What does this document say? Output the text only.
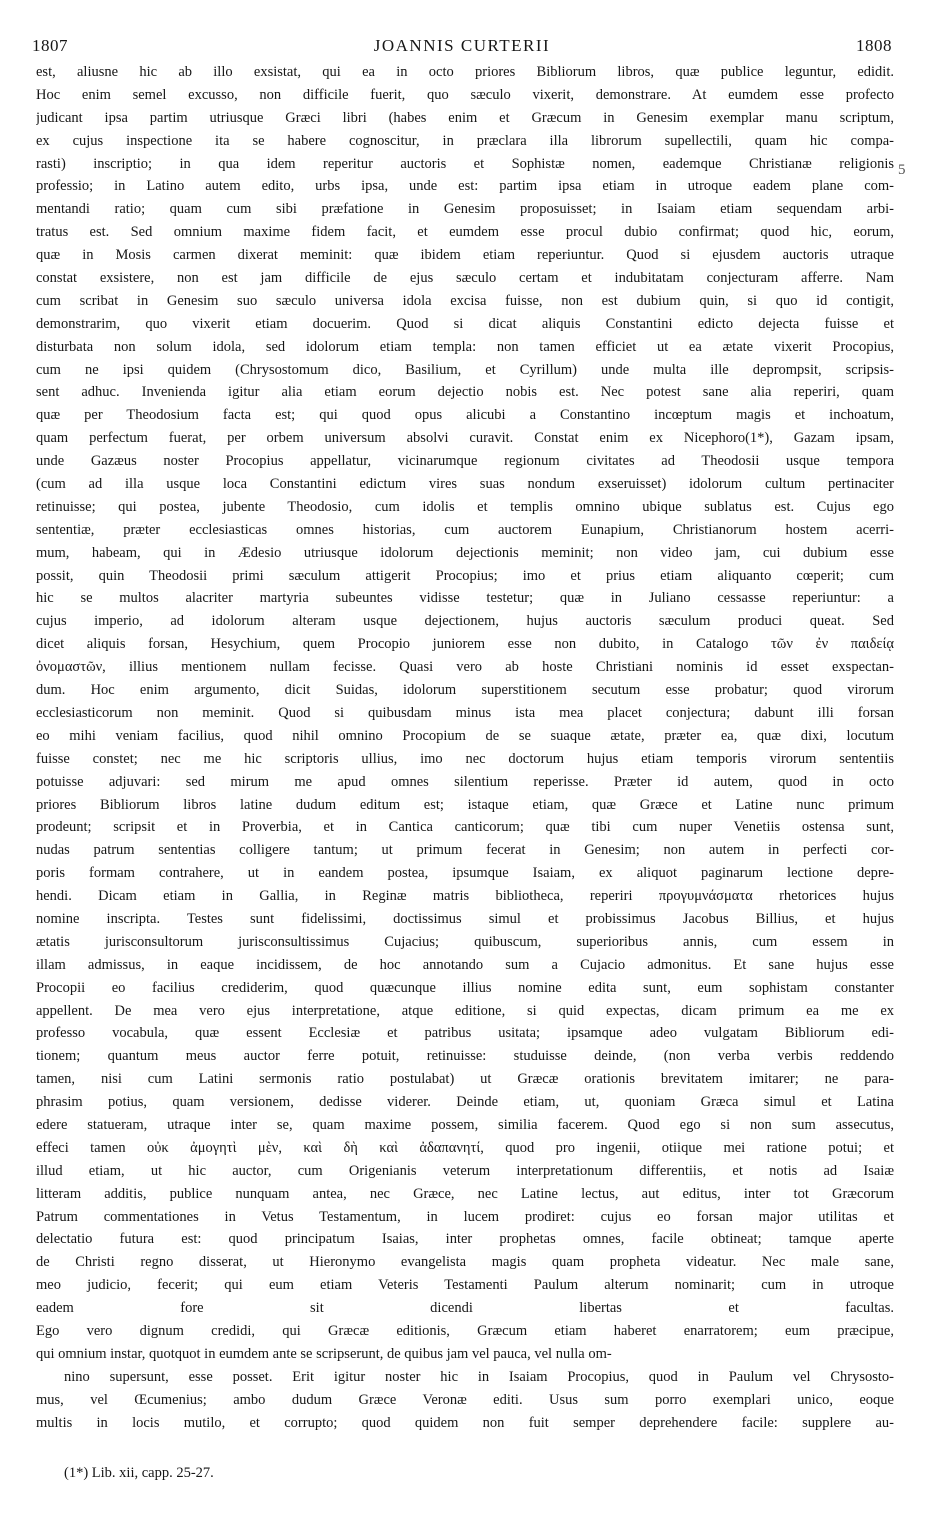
1807	JOANNIS CURTERII	1808
5
est, aliusne hic ab illo exsistat, qui ea in octo priores Bibliorum libros, quæ publice leguntur, edidit.
Hoc enim semel excusso, non difficile fuerit, quo sæculo vixerit, demonstrare. At eumdem esse profecto
judicant ipsa partim utriusque Græci libri (habes enim et Græcum in Genesim exemplar manu scriptum,
ex cujus inspectione ita se habere cognoscitur, in præclara illa librorum supellectili, quam hic compa-
rasti) inscriptio; in qua idem reperitur auctoris et Sophistæ nomen, eademque Christianæ religionis
professio; in Latino autem edito, urbs ipsa, unde est: partim ipsa etiam in utroque eadem plane com-
mentandi ratio; quam cum sibi præfatione in Genesim proposuisset; in Isaiam etiam sequendam arbi-
tratus est. Sed omnium maxime fidem facit, et eumdem esse procul dubio confirmat; quod hic, eorum,
quæ in Mosis carmen dixerat meminit: quæ ibidem etiam reperiuntur. Quod si ejusdem auctoris utraque
constat exsistere, non est jam difficile de ejus sæculo certam et indubitatam conjecturam afferre. Nam
cum scribat in Genesim suo sæculo universa idola excisa fuisse, non est dubium quin, si quo id contigit,
demonstrarim, quo vixerit etiam docuerim. Quod si dicat aliquis Constantini edicto dejecta fuisse et
disturbata non solum idola, sed idolorum etiam templa: non tamen efficiet ut ea ætate vixerit Procopius,
cum ne ipsi quidem (Chrysostomum dico, Basilium, et Cyrillum) unde multa ille deprompsit, scripsis-
sent adhuc. Invenienda igitur alia etiam eorum dejectio nobis est. Nec potest sane alia reperiri, quam
quæ per Theodosium facta est; qui quod opus alicubi a Constantino incœptum magis et inchoatum,
quam perfectum fuerat, per orbem universum absolvi curavit. Constat enim ex Nicephoro(1*), Gazam ipsam,
unde Gazæus noster Procopius appellatur, vicinarumque regionum civitates ad Theodosii usque tempora
(cum ad illa usque loca Constantini edictum vires suas nondum exseruisset) idolorum cultum pertinaciter
retinuisse; qui postea, jubente Theodosio, cum idolis et templis omnino ubique sublatus est. Cujus ego
sententiæ, præter ecclesiasticas omnes historias, cum auctorem Eunapium, Christianorum hostem acerri-
mum, habeam, qui in Ædesio utriusque idolorum dejectionis meminit; non video jam, cui dubium esse
possit, quin Theodosii primi sæculum attigerit Procopius; imo et prius etiam aliquanto cœperit; cum
hic se multos alacriter martyria subeuntes vidisse testetur; quæ in Juliano cessasse reperiuntur: a
cujus imperio, ad idolorum alteram usque dejectionem, hujus auctoris sæculum produci queat. Sed
dicet aliquis forsan, Hesychium, quem Procopio juniorem esse non dubito, in Catalogo τῶν ἐν παιδείᾳ
ὀνομαστῶν, illius mentionem nullam fecisse. Quasi vero ab hoste Christiani nominis id esset exspectan-
dum. Hoc enim argumento, dicit Suidas, idolorum superstitionem secutum esse probatur; quod virorum
ecclesiasticorum non meminit. Quod si quibusdam minus ista mea placet conjectura; dabunt illi forsan
eo mihi veniam facilius, quod nihil omnino Procopium de se suaque ætate, præter ea, quæ dixi, locutum
fuisse constet; nec me hic scriptoris ullius, imo nec doctorum hujus etiam temporis virorum sententiis
potuisse adjuvari: sed mirum me apud omnes silentium reperisse. Præter id autem, quod in octo
priores Bibliorum libros latine dudum editum est; istaque etiam, quæ Græce et Latine nunc primum
prodeunt; scripsit et in Proverbia, et in Cantica canticorum; quæ tibi cum nuper Venetiis ostensa sunt,
nudas patrum sententias colligere tantum; ut primum fecerat in Genesim; non autem in perfecti cor-
poris formam contrahere, ut in eandem postea, ipsumque Isaiam, ex aliquot paginarum lectione depre-
hendi. Dicam etiam in Gallia, in Reginæ matris bibliotheca, reperiri προγυμνάσματα rhetorices hujus
nomine inscripta. Testes sunt fidelissimi, doctissimus simul et probissimus Jacobus Billius, et hujus
ætatis jurisconsultorum jurisconsultissimus Cujacius; quibuscum, superioribus annis, cum essem in
illam admissus, in eaque incidissem, de hoc annotando sum a Cujacio admonitus. Et sane hujus esse
Procopii eo facilius crediderim, quod quæcunque illius nomine edita sunt, eum sophistam constanter
appellent. De mea vero ejus interpretatione, atque editione, si quid expectas, dicam primum ea me ex
professo vocabula, quæ essent Ecclesiæ et patribus usitata; ipsamque adeo vulgatam Bibliorum edi-
tionem; quantum meus auctor ferre potuit, retinuisse: studuisse deinde, (non verba verbis reddendo
tamen, nisi cum Latini sermonis ratio postulabat) ut Græcæ orationis brevitatem imitarer; ne para-
phrasim potius, quam versionem, dedisse viderer. Deinde etiam, ut, quoniam Græca simul et Latina
edere statueram, utraque inter se, quam maxime possem, similia facerem. Quod ego si non sum assecutus,
effeci tamen οὐκ ἀμογητὶ μὲν, καὶ δὴ καὶ ἀδαπανητί, quod pro ingenii, otiique mei ratione potui; et
illud etiam, ut hic auctor, cum Origenianis veterum interpretationum differentiis, et notis ad Isaiæ
litteram additis, publice nunquam antea, nec Græce, nec Latine lectus, aut editus, inter tot Græcorum
Patrum commentationes in Vetus Testamentum, in lucem prodiret: cujus eo forsan major utilitas et
delectatio futura est: quod principatum Isaias, inter prophetas omnes, facile obtineat; tamque aperte
de Christi regno disserat, ut Hieronymo evangelista magis quam propheta videatur. Nec male sane,
meo judicio, fecerit; qui eum etiam Veteris Testamenti Paulum alterum nominarit; cum in utroque
eadem fore sit dicendi libertas et facultas.
Ego vero dignum credidi, qui Græcæ editionis, Græcum etiam haberet enarratorem; eum præcipue,
qui omnium instar, quotquot in eumdem ante se scripserunt, de quibus jam vel pauca, vel nulla om-
nino supersunt, esse posset. Erit igitur noster hic in Isaiam Procopius, quod in Paulum vel Chrysosto-
mus, vel Œcumenius; ambo dudum Græce Veronæ editi. Usus sum porro exemplari unico, eoque
multis in locis mutilo, et corrupto; quod quidem non fuit semper deprehendere facile: supplere au-
(1*) Lib. xii, capp. 25-27.
